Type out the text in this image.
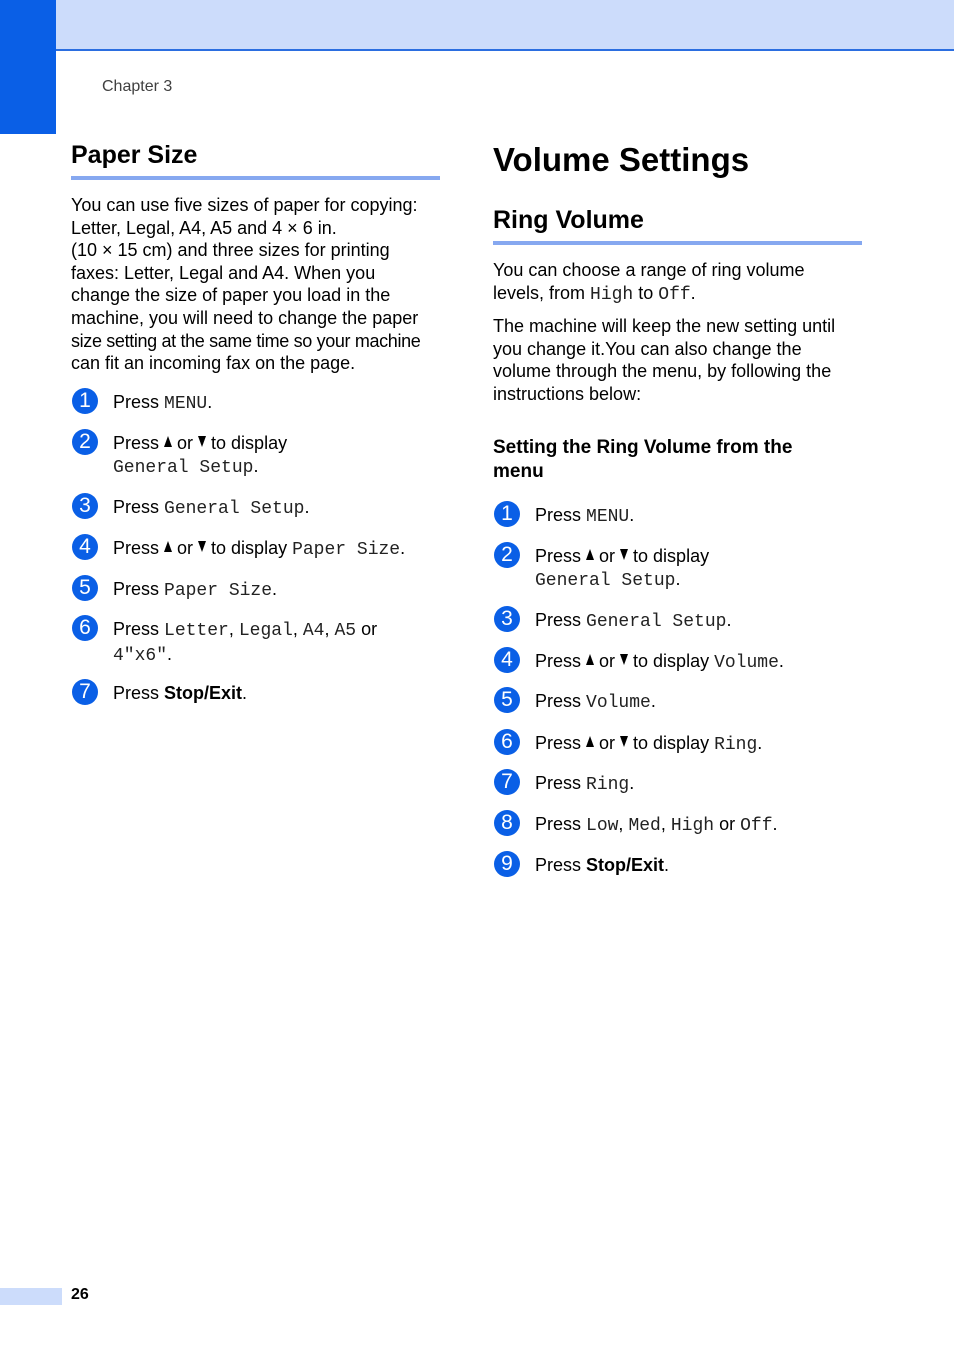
Chapter 3
Paper Size

You can use five sizes of paper for copying:
Letter, Legal, A4, A5 and 4 × 6 in.
(10 × 15 cm) and three sizes for printing
faxes: Letter, Legal and A4. When you
change the size of paper you load in the
machine, you will need to change the paper
size setting at the same time so your machine
can fit an incoming fax on the page.

1	Press MENU.
2	Press  or  to display
General Setup.
3	Press General Setup.
4	Press  or  to display Paper Size.
5	Press Paper Size.
6	Press Letter, Legal, A4, A5 or
4"x6".
7	Press Stop/Exit.
Volume Settings
Ring Volume

You can choose a range of ring volume
levels, from High to Off.

The machine will keep the new setting until
you change it.You can also change the
volume through the menu, by following the
instructions below:

Setting the Ring Volume from the
menu
1	Press MENU.
2	Press  or  to display
General Setup.
3	Press General Setup.
4	Press  or  to display Volume.
5	Press Volume.
6	Press  or  to display Ring.
7	Press Ring.
8	Press Low, Med, High or Off.
9	Press Stop/Exit.
26
